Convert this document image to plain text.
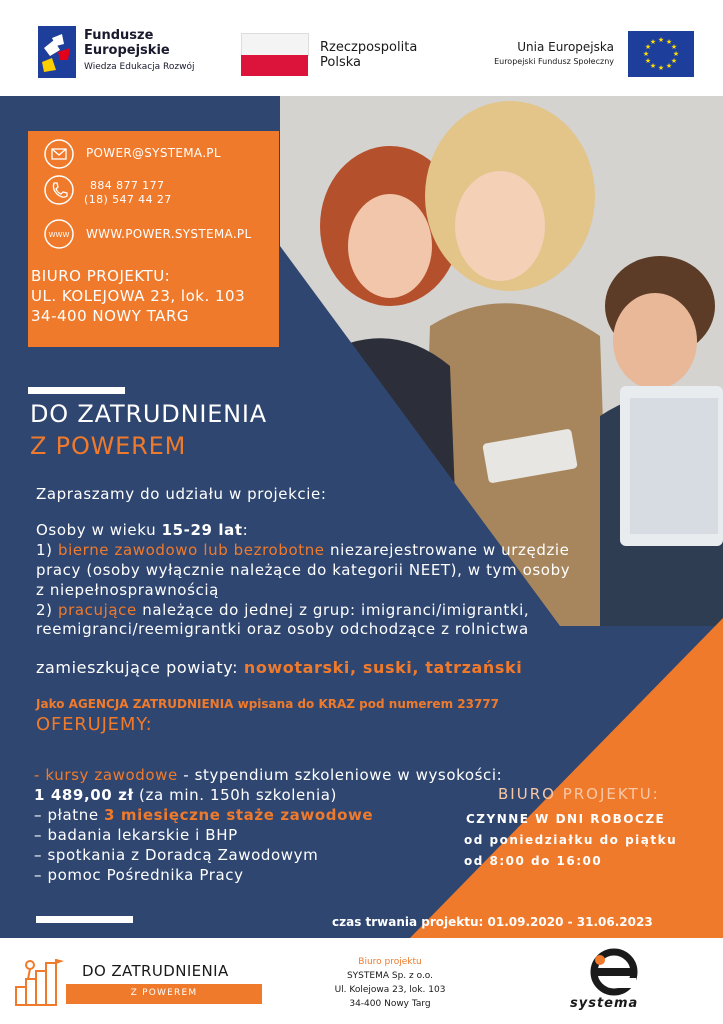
Fundusze
Europejskie
Wiedza Edukacja Rozwój
Rzeczpospolita
Polska
Unia Europejska
Europejski Fundusz Społeczny
★ ★
★
★
★
★
★
★
★
★
★
★
POWER@SYSTEMA.PL
884 877 177
(18) 547 44 27
WWW WWW.POWER.SYSTEMA.PL
BIURO PROJEKTU:
UL. KOLEJOWA 23, lok. 103
34-400 NOWY TARG
DO ZATRUDNIENIA
Z POWEREM
Zapraszamy do udziału w projekcie:
Osoby w wieku 15-29 lat:
1) bierne zawodowo lub bezrobotne niezarejestrowane w urzędzie
pracy (osoby wyłącznie należące do kategorii NEET), w tym osoby
z niepełnosprawnością
2) pracujące należące do jednej z grup: imigranci/imigrantki,
reemigranci/reemigrantki oraz osoby odchodzące z rolnictwa
zamieszkujące powiaty: nowotarski, suski, tatrzański
Jako AGENCJA ZATRUDNIENIA wpisana do KRAZ pod numerem 23777
OFERUJEMY:
- kursy zawodowe - stypendium szkoleniowe w wysokości:
1 489,00 zł (za min. 150h szkolenia)
– płatne 3 miesięczne staże zawodowe
– badania lekarskie i BHP
– spotkania z Doradcą Zawodowym
– pomoc Pośrednika Pracy
BIURO PROJEKTU:
CZYNNE W DNI ROBOCZE
od poniedziałku do piątku
od 8:00 do 16:00
czas trwania projektu: 01.09.2020 - 31.06.2023
DO ZATRUDNIENIA
Z POWEREM
Biuro projektu
SYSTEMA Sp. z o.o.
Ul. Kolejowa 23, lok. 103
34-400 Nowy Targ	systema
